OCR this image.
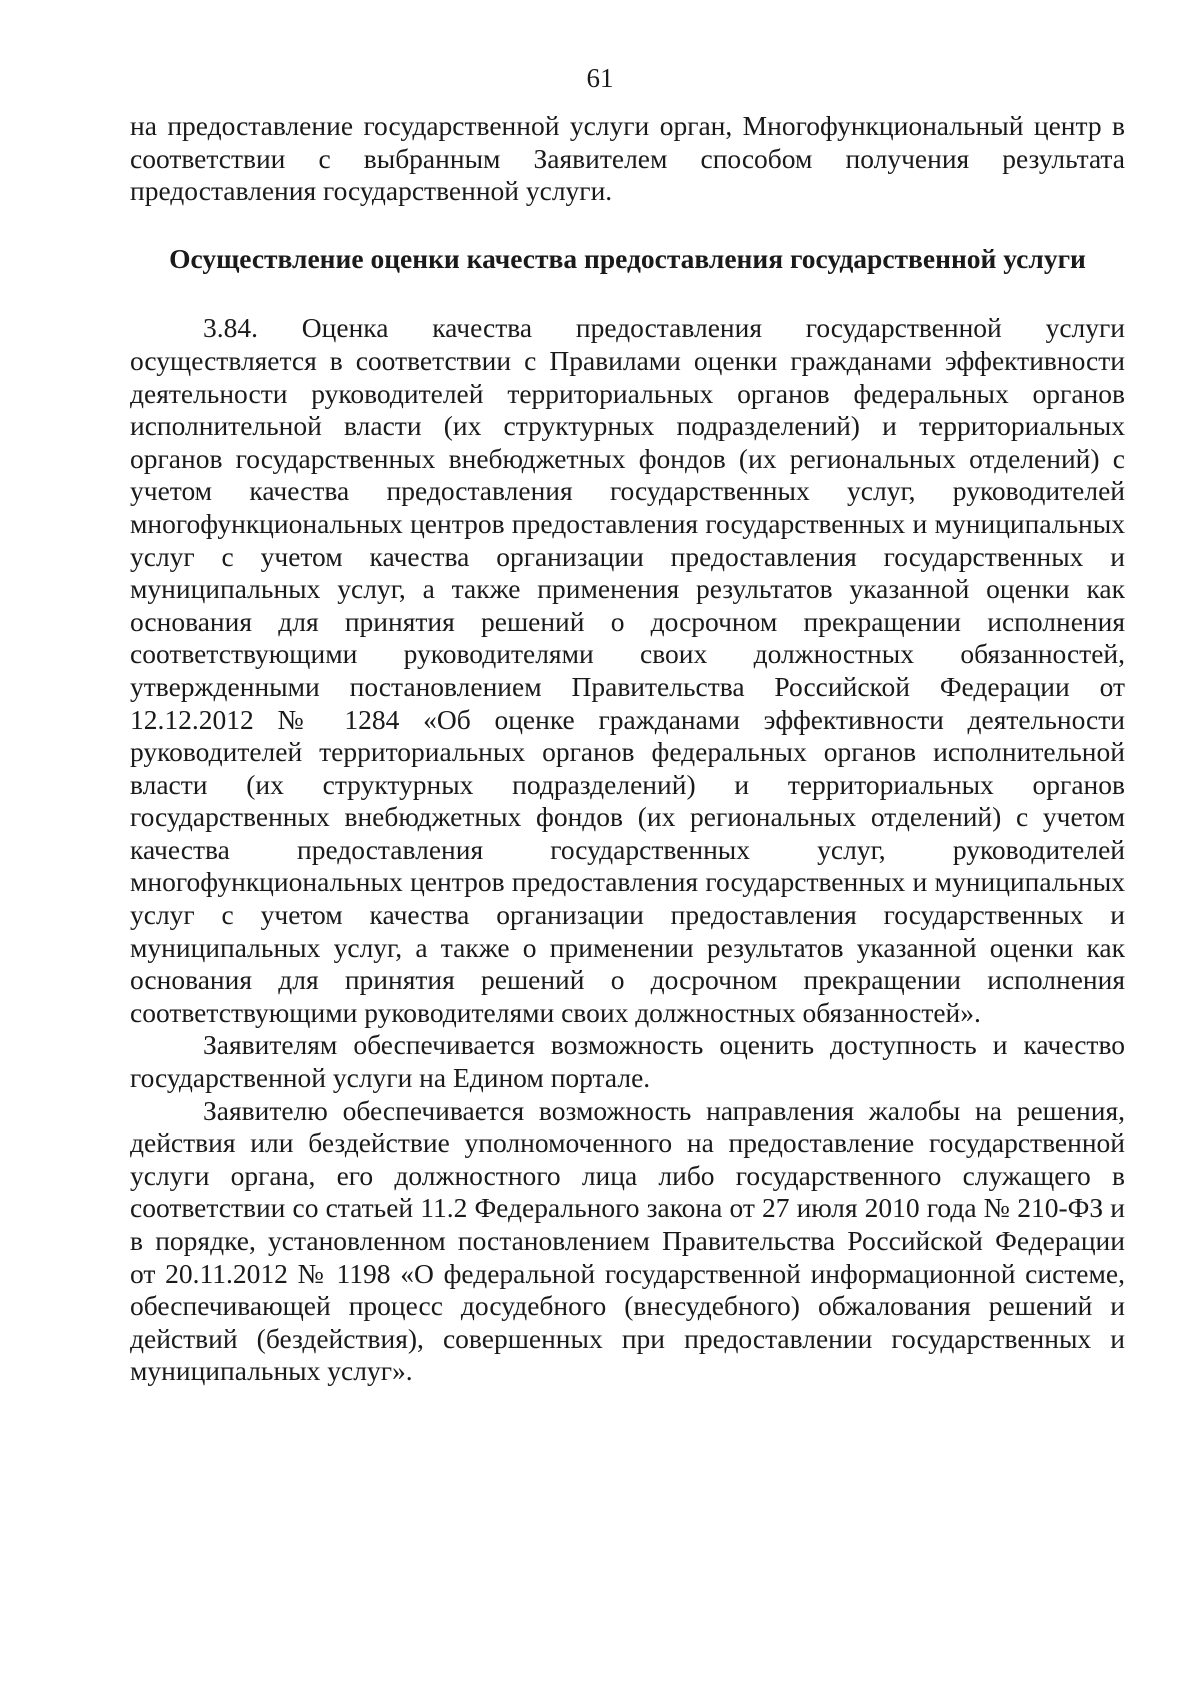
61

на предоставление государственной услуги орган, Многофункциональный центр в соответствии с выбранным Заявителем способом получения результата предоставления государственной услуги.

Осуществление оценки качества предоставления государственной услуги

3.84. Оценка качества предоставления государственной услуги осуществляется в соответствии с Правилами оценки гражданами эффективности деятельности руководителей территориальных органов федеральных органов исполнительной власти (их структурных подразделений) и территориальных органов государственных внебюджетных фондов (их региональных отделений) с учетом качества предоставления государственных услуг, руководителей многофункциональных центров предоставления государственных и муниципальных услуг с учетом качества организации предоставления государственных и муниципальных услуг, а также применения результатов указанной оценки как основания для принятия решений о досрочном прекращении исполнения соответствующими руководителями своих должностных обязанностей, утвержденными постановлением Правительства Российской Федерации от 12.12.2012 № 1284 «Об оценке гражданами эффективности деятельности руководителей территориальных органов федеральных органов исполнительной власти (их структурных подразделений) и территориальных органов государственных внебюджетных фондов (их региональных отделений) с учетом качества предоставления государственных услуг, руководителей многофункциональных центров предоставления государственных и муниципальных услуг с учетом качества организации предоставления государственных и муниципальных услуг, а также о применении результатов указанной оценки как основания для принятия решений о досрочном прекращении исполнения соответствующими руководителями своих должностных обязанностей».

Заявителям обеспечивается возможность оценить доступность и качество государственной услуги на Едином портале.

Заявителю обеспечивается возможность направления жалобы на решения, действия или бездействие уполномоченного на предоставление государственной услуги органа, его должностного лица либо государственного служащего в соответствии со статьей 11.2 Федерального закона от 27 июля 2010 года № 210-ФЗ и в порядке, установленном постановлением Правительства Российской Федерации от 20.11.2012 № 1198 «О федеральной государственной информационной системе, обеспечивающей процесс досудебного (внесудебного) обжалования решений и действий (бездействия), совершенных при предоставлении государственных и муниципальных услуг».
